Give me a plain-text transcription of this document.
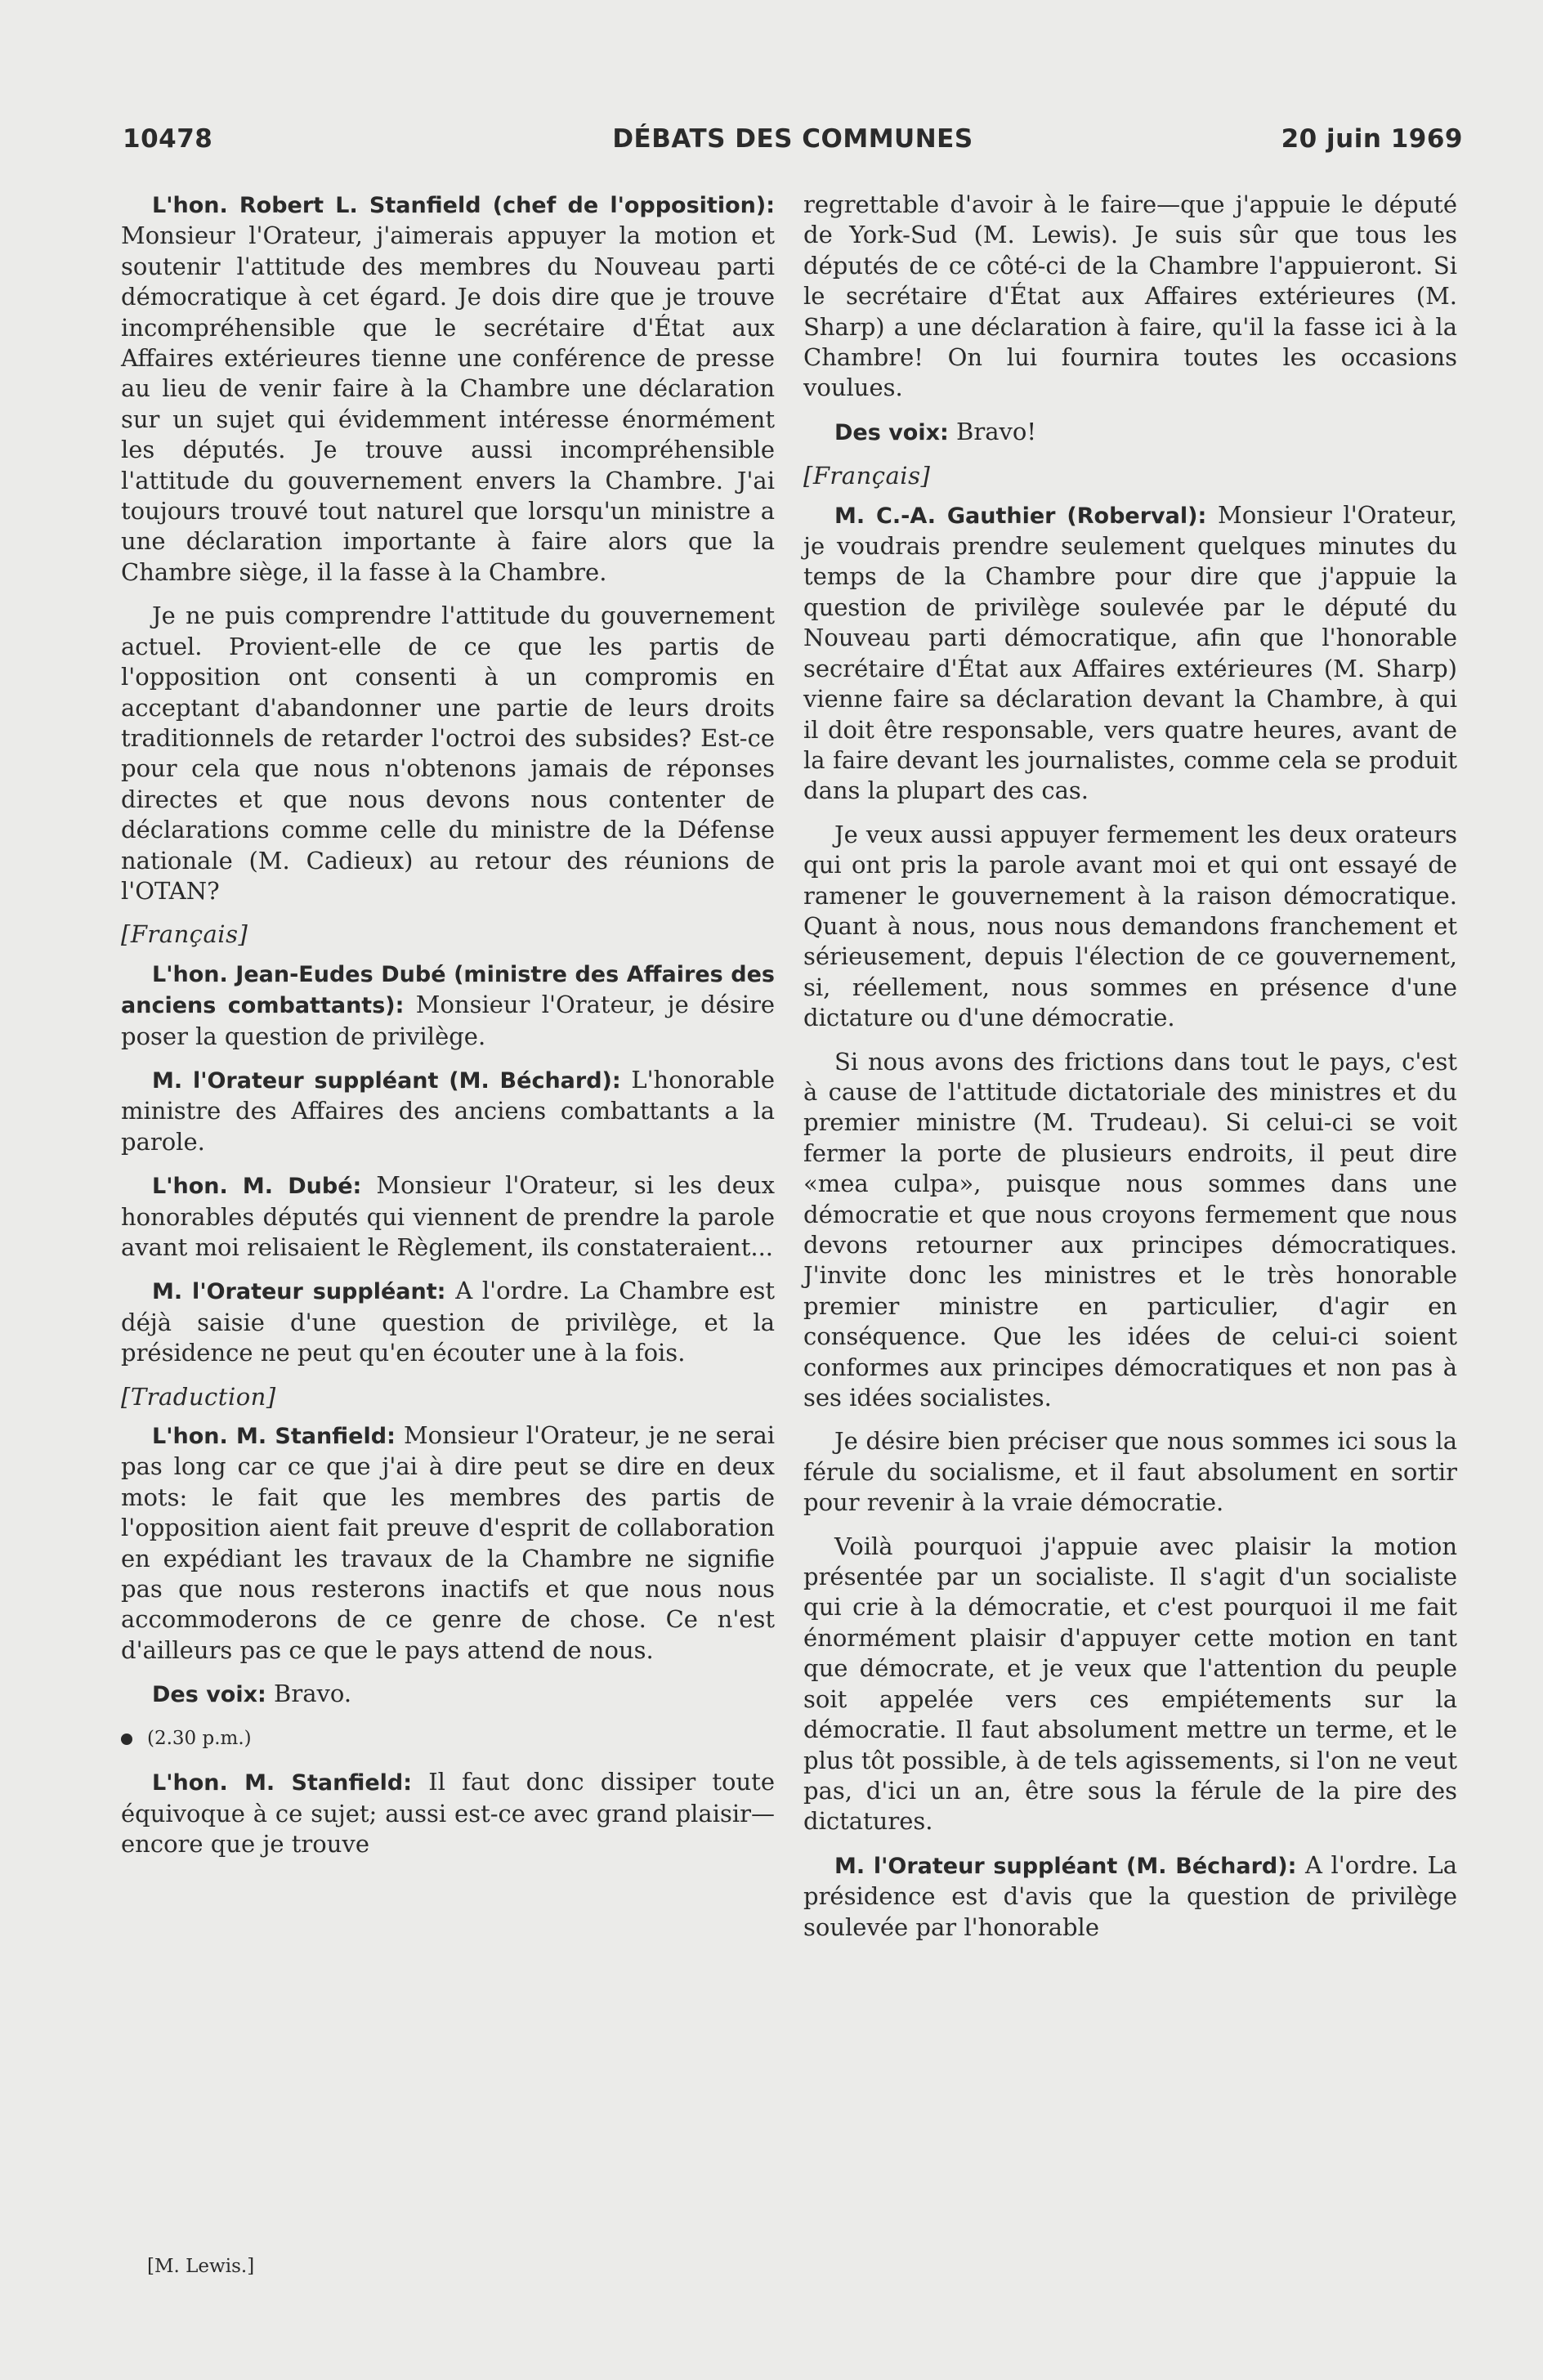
10478	DÉBATS DES COMMUNES	20 juin 1969

L'hon. Robert L. Stanfield (chef de l'opposition): Monsieur l'Orateur, j'aimerais appuyer la motion et soutenir l'attitude des membres du Nouveau parti démocratique à cet égard. Je dois dire que je trouve incompréhensible que le secrétaire d'État aux Affaires extérieures tienne une conférence de presse au lieu de venir faire à la Chambre une déclaration sur un sujet qui évidemment intéresse énormément les députés. Je trouve aussi incompréhensible l'attitude du gouvernement envers la Chambre. J'ai toujours trouvé tout naturel que lorsqu'un ministre a une déclaration importante à faire alors que la Chambre siège, il la fasse à la Chambre.

Je ne puis comprendre l'attitude du gouvernement actuel. Provient-elle de ce que les partis de l'opposition ont consenti à un compromis en acceptant d'abandonner une partie de leurs droits traditionnels de retarder l'octroi des subsides? Est-ce pour cela que nous n'obtenons jamais de réponses directes et que nous devons nous contenter de déclarations comme celle du ministre de la Défense nationale (M. Cadieux) au retour des réunions de l'OTAN?

[Français]

L'hon. Jean-Eudes Dubé (ministre des Affaires des anciens combattants): Monsieur l'Orateur, je désire poser la question de privilège.

M. l'Orateur suppléant (M. Béchard): L'honorable ministre des Affaires des anciens combattants a la parole.

L'hon. M. Dubé: Monsieur l'Orateur, si les deux honorables députés qui viennent de prendre la parole avant moi relisaient le Règlement, ils constateraient...

M. l'Orateur suppléant: A l'ordre. La Chambre est déjà saisie d'une question de privilège, et la présidence ne peut qu'en écouter une à la fois.

[Traduction]

L'hon. M. Stanfield: Monsieur l'Orateur, je ne serai pas long car ce que j'ai à dire peut se dire en deux mots: le fait que les membres des partis de l'opposition aient fait preuve d'esprit de collaboration en expédiant les travaux de la Chambre ne signifie pas que nous resterons inactifs et que nous nous accommoderons de ce genre de chose. Ce n'est d'ailleurs pas ce que le pays attend de nous.

Des voix: Bravo.

(2.30 p.m.)

L'hon. M. Stanfield: Il faut donc dissiper toute équivoque à ce sujet; aussi est-ce avec grand plaisir—encore que je trouve

regrettable d'avoir à le faire—que j'appuie le député de York-Sud (M. Lewis). Je suis sûr que tous les députés de ce côté-ci de la Chambre l'appuieront. Si le secrétaire d'État aux Affaires extérieures (M. Sharp) a une déclaration à faire, qu'il la fasse ici à la Chambre! On lui fournira toutes les occasions voulues.

Des voix: Bravo!

[Français]

M. C.-A. Gauthier (Roberval): Monsieur l'Orateur, je voudrais prendre seulement quelques minutes du temps de la Chambre pour dire que j'appuie la question de privilège soulevée par le député du Nouveau parti démocratique, afin que l'honorable secrétaire d'État aux Affaires extérieures (M. Sharp) vienne faire sa déclaration devant la Chambre, à qui il doit être responsable, vers quatre heures, avant de la faire devant les journalistes, comme cela se produit dans la plupart des cas.

Je veux aussi appuyer fermement les deux orateurs qui ont pris la parole avant moi et qui ont essayé de ramener le gouvernement à la raison démocratique. Quant à nous, nous nous demandons franchement et sérieusement, depuis l'élection de ce gouvernement, si, réellement, nous sommes en présence d'une dictature ou d'une démocratie.

Si nous avons des frictions dans tout le pays, c'est à cause de l'attitude dictatoriale des ministres et du premier ministre (M. Trudeau). Si celui-ci se voit fermer la porte de plusieurs endroits, il peut dire «mea culpa», puisque nous sommes dans une démocratie et que nous croyons fermement que nous devons retourner aux principes démocratiques. J'invite donc les ministres et le très honorable premier ministre en particulier, d'agir en conséquence. Que les idées de celui-ci soient conformes aux principes démocratiques et non pas à ses idées socialistes.

Je désire bien préciser que nous sommes ici sous la férule du socialisme, et il faut absolument en sortir pour revenir à la vraie démocratie.

Voilà pourquoi j'appuie avec plaisir la motion présentée par un socialiste. Il s'agit d'un socialiste qui crie à la démocratie, et c'est pourquoi il me fait énormément plaisir d'appuyer cette motion en tant que démocrate, et je veux que l'attention du peuple soit appelée vers ces empiétements sur la démocratie. Il faut absolument mettre un terme, et le plus tôt possible, à de tels agissements, si l'on ne veut pas, d'ici un an, être sous la férule de la pire des dictatures.

M. l'Orateur suppléant (M. Béchard): A l'ordre. La présidence est d'avis que la question de privilège soulevée par l'honorable

[M. Lewis.]
